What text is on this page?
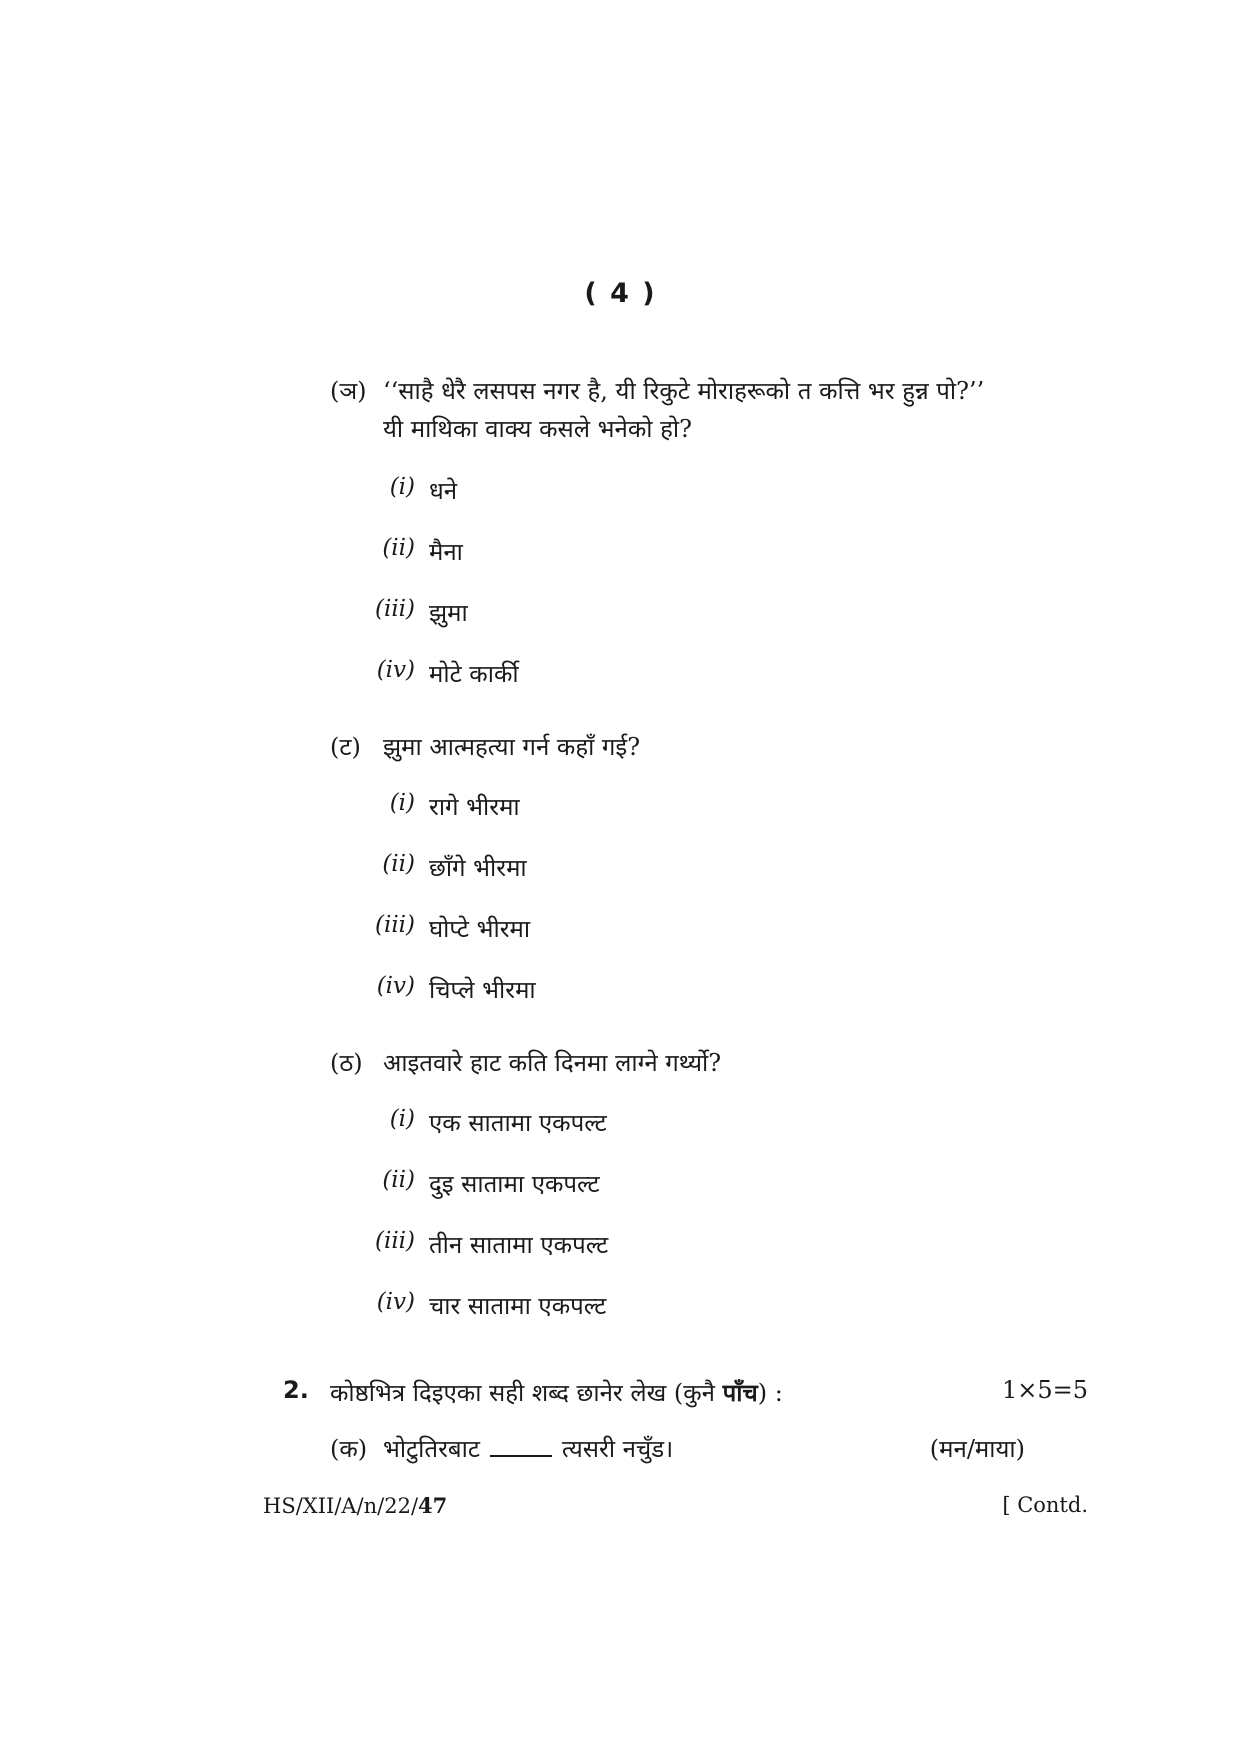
( 4 )
(ञ) ‘‘साहै धेरै लसपस नगर है, यी रिकुटे मोराहरूको त कत्ति भर हुन्न पो?’’
यी माथिका वाक्य कसले भनेको हो?
(i) धने
(ii) मैना
(iii) झुमा
(iv) मोटे कार्की
(ट) झुमा आत्महत्या गर्न कहाँ गई?
(i) रागे भीरमा
(ii) छाँगे भीरमा
(iii) घोप्टे भीरमा
(iv) चिप्ले भीरमा
(ठ) आइतवारे हाट कति दिनमा लाग्ने गर्थ्यो?
(i) एक सातामा एकपल्ट
(ii) दुइ सातामा एकपल्ट
(iii) तीन सातामा एकपल्ट
(iv) चार सातामा एकपल्ट
2. कोष्ठभित्र दिइएका सही शब्द छानेर लेख (कुनै पाँच) :	1×5=5
(क) भोटुतिरबाट	त्यसरी नचुँड।	(मन/माया)
HS/XII/A/n/22/47	[ Contd.
